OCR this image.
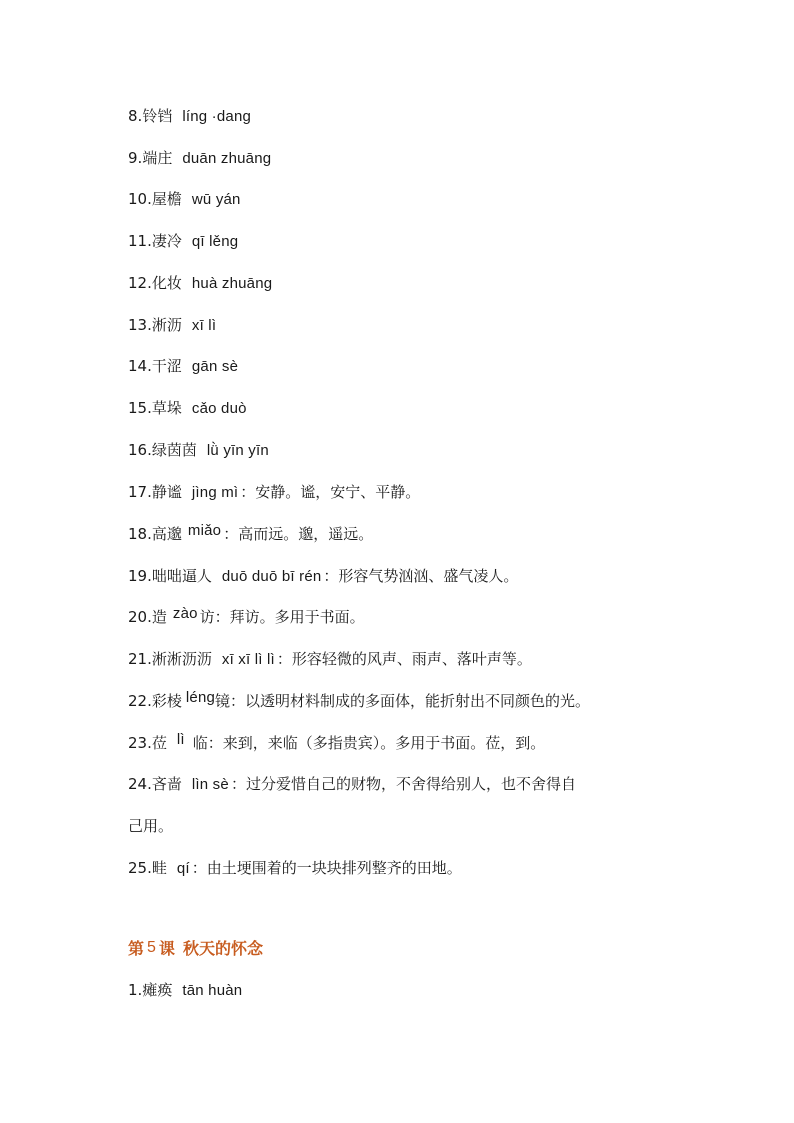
8.铃铛 líng ·dang
9.端庄 duān zhuāng
10.屋檐 wū yán
11.凄冷 qī lěng
12.化妆 huà zhuāng
13.淅沥 xī lì
14.干涩 gān sè
15.草垛 cǎo duò
16.绿茵茵 lǜ yīn yīn
17.静谧 jìng mì ：安静。谧，安宁、平静。
18.高邈 miǎo ：高而远。邈，遥远。
19.咄咄逼人 duō duō bī rén ：形容气势汹汹、盛气凌人。
20.造 zào 访：拜访。多用于书面。
21.淅淅沥沥 xī xī lì lì ：形容轻微的风声、雨声、落叶声等。
22.彩棱 léng镜：以透明材料制成的多面体，能折射出不同颜色的光。
23.莅 lì 临：来到，来临（多指贵宾）。多用于书面。莅，到。
24.吝啬 lìn sè ：过分爱惜自己的财物，不舍得给别人，也不舍得自
己用。
25.畦 qí ：由土埂围着的一块块排列整齐的田地。
第 5 课 秋天的怀念
1.瘫痪 tān huàn
